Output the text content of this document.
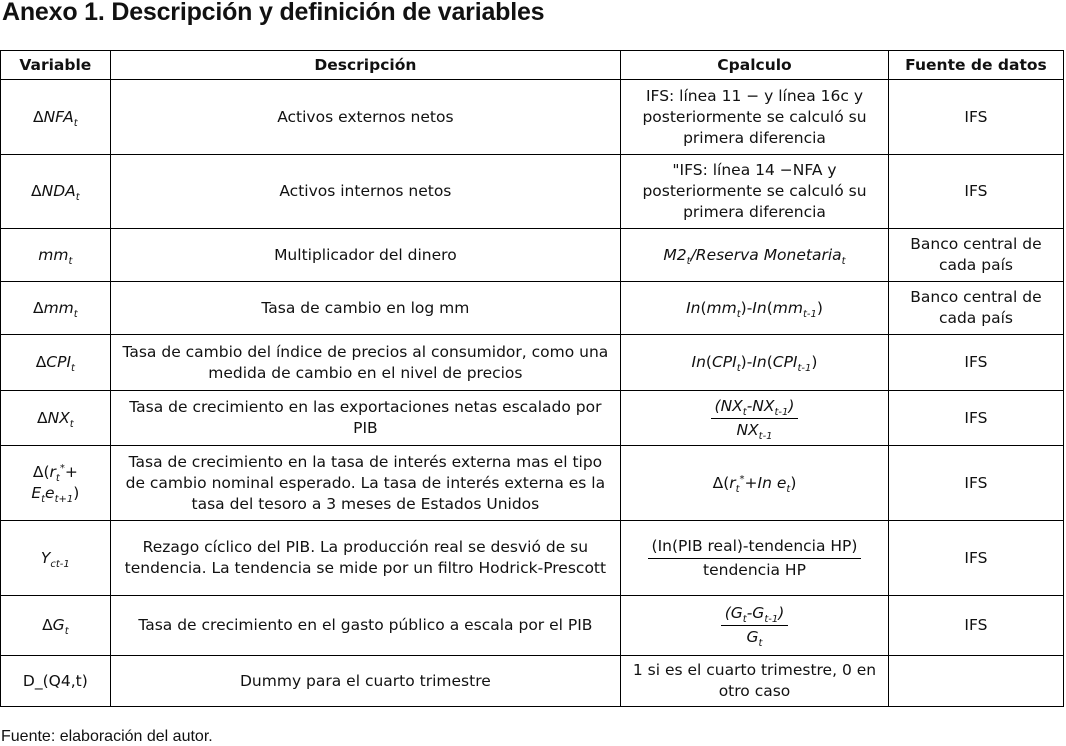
Anexo 1. Descripción y definición de variables
Variable	Descripción	Cpalculo	Fuente de datos
$\Delta NFA_t$	Activos externos netos	IFS: línea 11 − y línea 16c y posteriormente se calculó su primera diferencia	IFS
$\Delta NDA_t$	Activos internos netos	"IFS: línea 14 −NFA y posteriormente se calculó su primera diferencia	IFS
$mm_t$	Multiplicador del dinero	$M2_t$/Reserva Monetaria$_t$	Banco central de cada país
Δmm$_t$	Tasa de cambio en log mm	$In(mm_t)-In(mm_{t-1})$	Banco central de cada país
$\Delta CPI_t$	Tasa de cambio del índice de precios al consumidor, como una medida de cambio en el nivel de precios	$In(CPI_t)-In(CPI_{t-1})$	IFS
$\Delta NX_t$	Tasa de crecimiento en las exportaciones netas escalado por PIB	$\frac{(NX_t-NX_{t-1})}{NX_{t-1}}$	IFS
$\Delta(r_t^*+ E_te_{t+1})$	Tasa de crecimiento en la tasa de interés externa mas el tipo de cambio nominal esperado. La tasa de interés externa es la tasa del tesoro a 3 meses de Estados Unidos	$\Delta(r_t^*+In$ $e_t$)	IFS
$Y_{ct-1}$	Rezago cíclico del PIB. La producción real se desvió de su tendencia. La tendencia se mide por un filtro Hodrick-Prescott	$\frac{\text{(In(PIB real)-tendencia HP)}}{\text{tendencia HP}}$	IFS
$\Delta G_t$	Tasa de crecimiento en el gasto público a escala por el PIB	$\frac{(G_t-G_{t-1})}{G_t}$	IFS
D_(Q4,t)	Dummy para el cuarto trimestre	1 si es el cuarto trimestre, 0 en otro caso	
Fuente: elaboración del autor.
